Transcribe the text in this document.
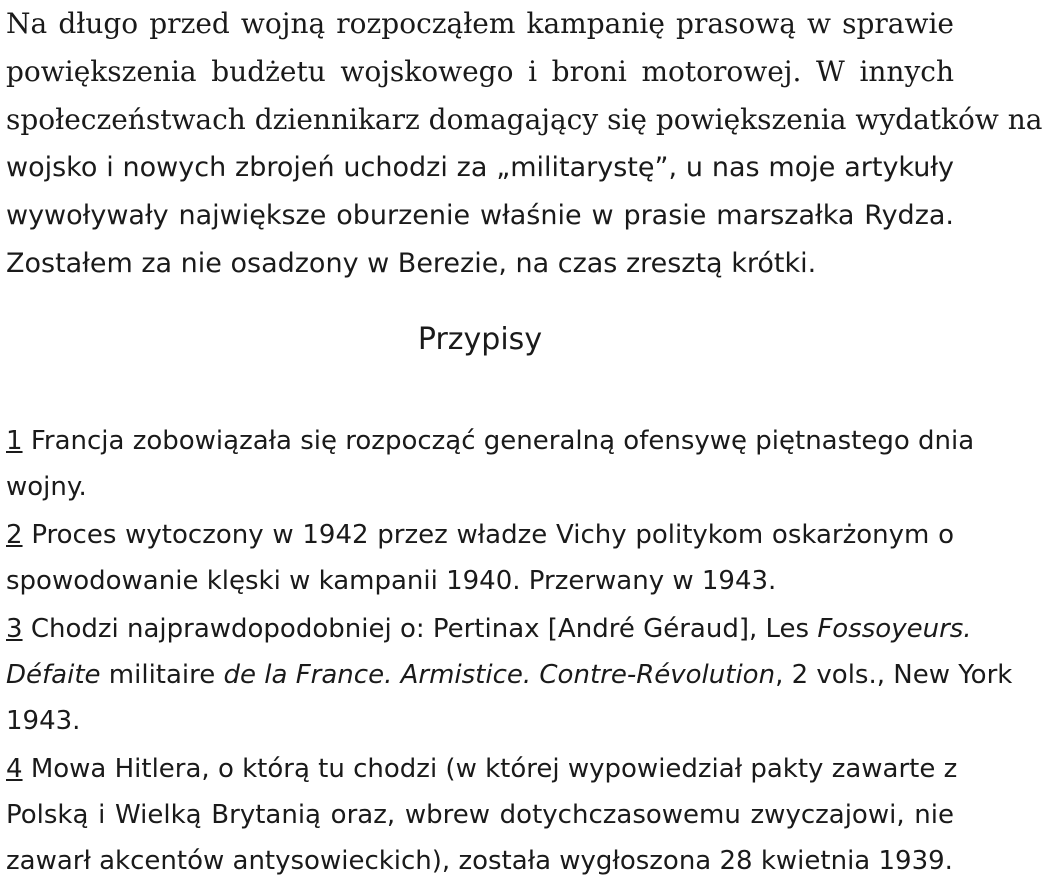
Na długo przed wojną rozpocząłem kampanię prasową w sprawie
powiększenia budżetu wojskowego i broni motorowej. W innych
społeczeństwach dziennikarz domagający się powiększenia wydatków na
wojsko i nowych zbrojeń uchodzi za „militarystę”, u nas moje artykuły
wywoływały największe oburzenie właśnie w prasie marszałka Rydza.
Zostałem za nie osadzony w Berezie, na czas zresztą krótki.

Przypisy
1 Francja zobowiązała się rozpocząć generalną ofensywę piętnastego dnia
wojny.
2 Proces wytoczony w 1942 przez władze Vichy politykom oskarżonym o
spowodowanie klęski w kampanii 1940. Przerwany w 1943.
3 Chodzi najprawdopodobniej o: Pertinax [André Géraud], Les Fossoyeurs.
Défaite militaire de la France. Armistice. Contre-Révolution, 2 vols., New York
1943.
4 Mowa Hitlera, o którą tu chodzi (w której wypowiedział pakty zawarte z
Polską i Wielką Brytanią oraz, wbrew dotychczasowemu zwyczajowi, nie
zawarł akcentów antysowieckich), została wygłoszona 28 kwietnia 1939.
